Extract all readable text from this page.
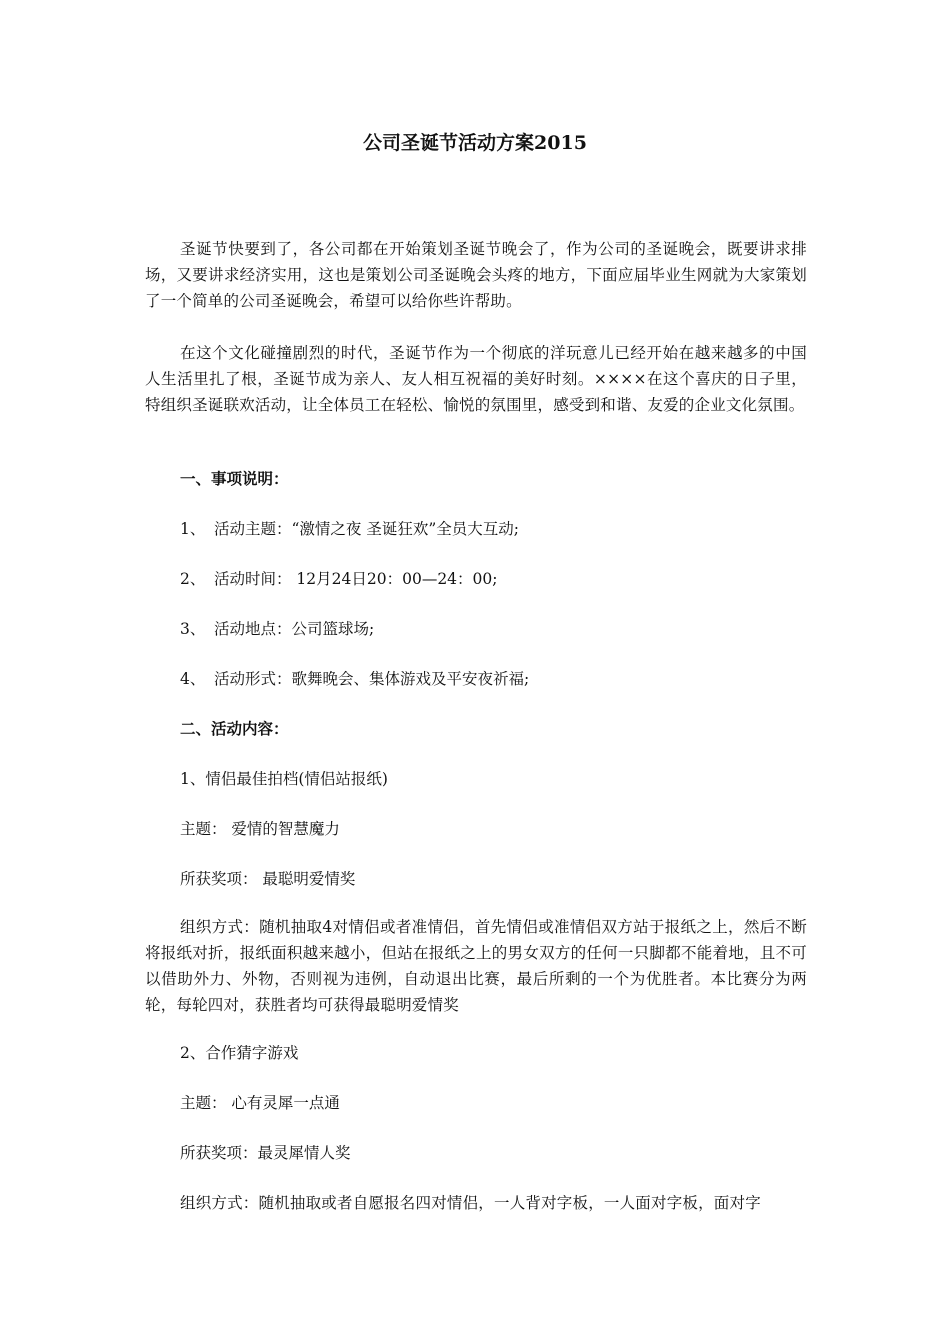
公司圣诞节活动方案2015

圣诞节快要到了，各公司都在开始策划圣诞节晚会了，作为公司的圣诞晚会，既要讲求排场，又要讲求经济实用，这也是策划公司圣诞晚会头疼的地方，下面应届毕业生网就为大家策划了一个简单的公司圣诞晚会，希望可以给你些许帮助。

在这个文化碰撞剧烈的时代，圣诞节作为一个彻底的洋玩意儿已经开始在越来越多的中国人生活里扎了根，圣诞节成为亲人、友人相互祝福的美好时刻。××××在这个喜庆的日子里，特组织圣诞联欢活动，让全体员工在轻松、愉悦的氛围里，感受到和谐、友爱的企业文化氛围。

一、事项说明：

1、 活动主题：“激情之夜 圣诞狂欢”全员大互动;

2、 活动时间： 12月24日20：00—24：00;

3、 活动地点：公司篮球场;

4、 活动形式：歌舞晚会、集体游戏及平安夜祈福;

二、活动内容：

1、情侣最佳拍档(情侣站报纸)

主题： 爱情的智慧魔力

所获奖项： 最聪明爱情奖

组织方式：随机抽取4对情侣或者准情侣，首先情侣或准情侣双方站于报纸之上，然后不断将报纸对折，报纸面积越来越小，但站在报纸之上的男女双方的任何一只脚都不能着地，且不可以借助外力、外物，否则视为违例，自动退出比赛，最后所剩的一个为优胜者。本比赛分为两轮，每轮四对，获胜者均可获得最聪明爱情奖

2、合作猜字游戏

主题： 心有灵犀一点通

所获奖项：最灵犀情人奖

组织方式：随机抽取或者自愿报名四对情侣，一人背对字板，一人面对字板，面对字
